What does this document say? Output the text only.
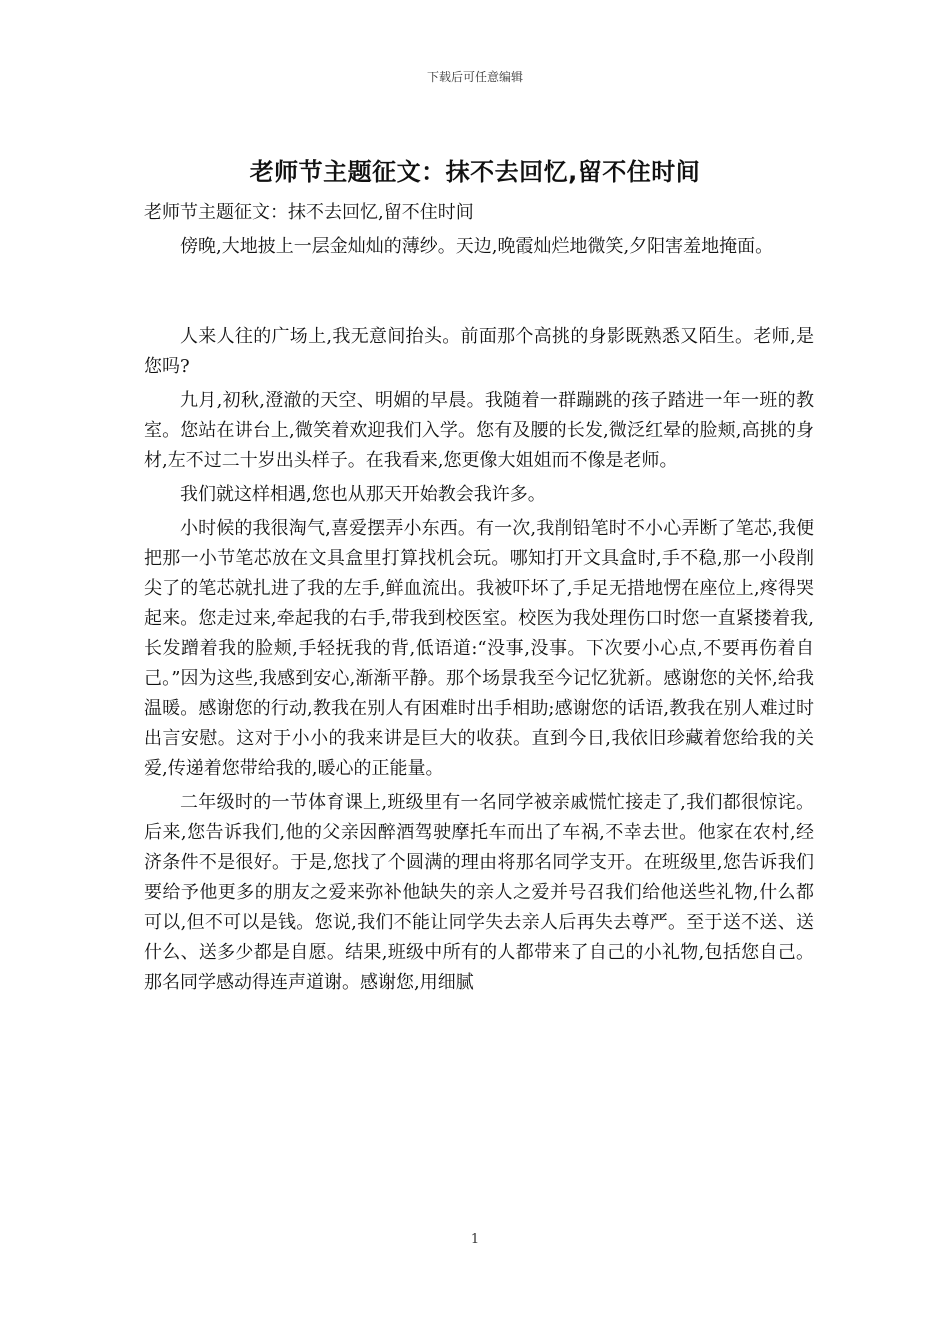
下载后可任意编辑
老师节主题征文：抹不去回忆,留不住时间

老师节主题征文：抹不去回忆,留不住时间

傍晚,大地披上一层金灿灿的薄纱。天边,晚霞灿烂地微笑,夕阳害羞地掩面。

人来人往的广场上,我无意间抬头。前面那个高挑的身影既熟悉又陌生。老师,是您吗?

九月,初秋,澄澈的天空、明媚的早晨。我随着一群蹦跳的孩子踏进一年一班的教室。您站在讲台上,微笑着欢迎我们入学。您有及腰的长发,微泛红晕的脸颊,高挑的身材,左不过二十岁出头样子。在我看来,您更像大姐姐而不像是老师。

我们就这样相遇,您也从那天开始教会我许多。

小时候的我很淘气,喜爱摆弄小东西。有一次,我削铅笔时不小心弄断了笔芯,我便把那一小节笔芯放在文具盒里打算找机会玩。哪知打开文具盒时,手不稳,那一小段削尖了的笔芯就扎进了我的左手,鲜血流出。我被吓坏了,手足无措地愣在座位上,疼得哭起来。您走过来,牵起我的右手,带我到校医室。校医为我处理伤口时您一直紧搂着我,长发蹭着我的脸颊,手轻抚我的背,低语道:“没事,没事。下次要小心点,不要再伤着自己。”因为这些,我感到安心,渐渐平静。那个场景我至今记忆犹新。感谢您的关怀,给我温暖。感谢您的行动,教我在别人有困难时出手相助;感谢您的话语,教我在别人难过时出言安慰。这对于小小的我来讲是巨大的收获。直到今日,我依旧珍藏着您给我的关爱,传递着您带给我的,暖心的正能量。

二年级时的一节体育课上,班级里有一名同学被亲戚慌忙接走了,我们都很惊诧。后来,您告诉我们,他的父亲因醉酒驾驶摩托车而出了车祸,不幸去世。他家在农村,经济条件不是很好。于是,您找了个圆满的理由将那名同学支开。在班级里,您告诉我们要给予他更多的朋友之爱来弥补他缺失的亲人之爱并号召我们给他送些礼物,什么都可以,但不可以是钱。您说,我们不能让同学失去亲人后再失去尊严。至于送不送、送什么、送多少都是自愿。结果,班级中所有的人都带来了自己的小礼物,包括您自己。那名同学感动得连声道谢。感谢您,用细腻

1
